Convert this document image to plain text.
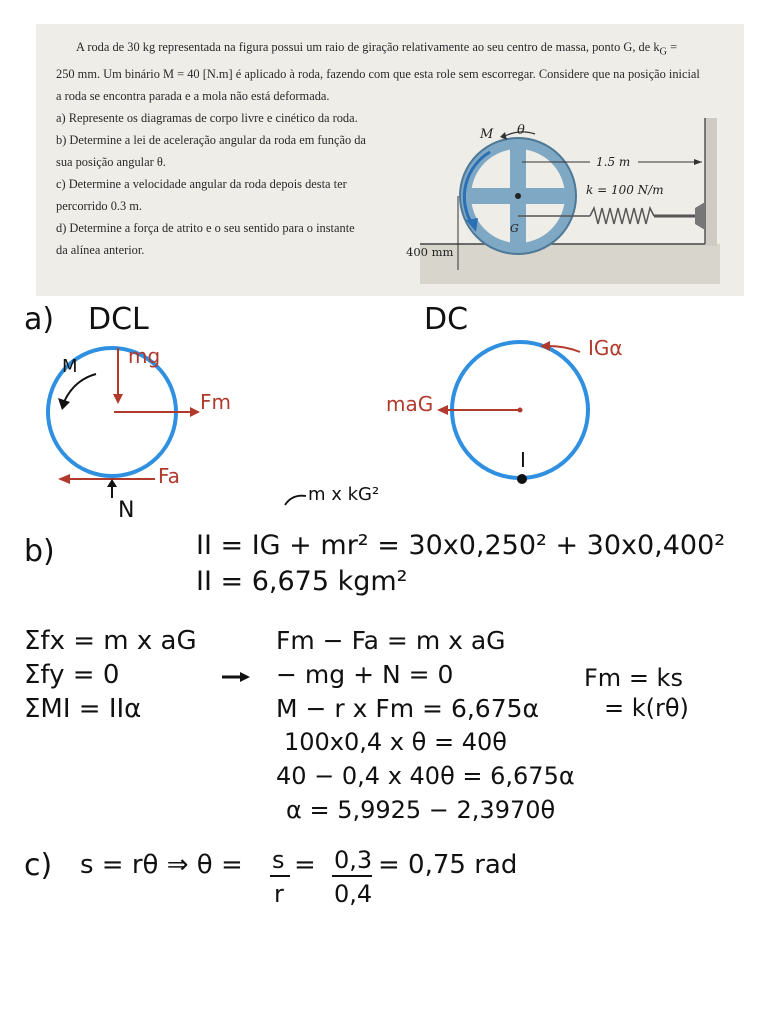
A roda de 30 kg representada na figura possui um raio de giração relativamente ao seu centro de massa, ponto G, de $k_G$ =

250 mm. Um binário M = 40 [N.m] é aplicado à roda, fazendo com que esta role sem escorregar. Considere que na posição inicial

a roda se encontra parada e a mola não está deformada.

a) Represente os diagramas de corpo livre e cinético da roda.

b) Determine a lei de aceleração angular da roda em função da

sua posição angular θ.

c) Determine a velocidade angular da roda depois desta ter

percorrido 0.3 m.

d) Determine a força de atrito e o seu sentido para o instante

da alínea anterior.

M θ
1.5 m
k = 100 N/m
G
400 mm
a) DCL	DC
M	mg
Fm
Fa
N
IGα
maG
I
b)
m x kG²
II = IG + mr² = 30x0,250² + 30x0,400²
II = 6,675 kgm²
Σfx = m x aG
Σfy = 0
ΣMI = IIα
Fm − Fa = m x aG
− mg + N = 0
M − r x Fm = 6,675α
100x0,4 x θ = 40θ
40 − 0,4 x 40θ = 6,675α
α = 5,9925 − 2,3970θ
Fm = ks
= k(rθ)
c) s = rθ ⇒ θ = s
r
= 0,3
0,4
= 0,75 rad
